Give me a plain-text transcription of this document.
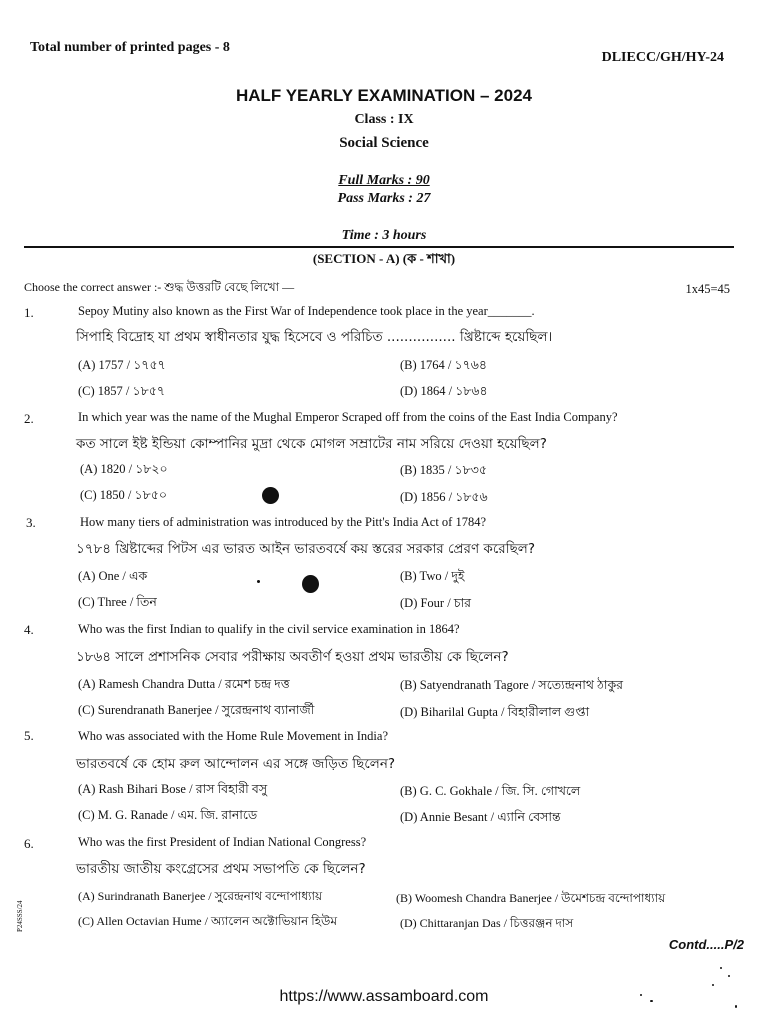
Total number of printed pages - 8
DLIECC/GH/HY-24
HALF YEARLY EXAMINATION – 2024
Class : IX
Social Science
Full Marks : 90
Pass Marks : 27
Time : 3 hours
(SECTION - A) (ক - শাখা)
Choose the correct answer :- শুদ্ধ উত্তরটি বেছে লিখো —	1x45=45
1.	Sepoy Mutiny also known as the First War of Independence took place in the year_______.
সিপাহি বিদ্রোহ যা প্রথম স্বাধীনতার যুদ্ধ হিসেবে ও পরিচিত ................ খ্রিষ্টাব্দে হয়েছিল।
(A) 1757 / ১৭৫৭	(B) 1764 / ১৭৬৪
(C) 1857 / ১৮৫৭	(D) 1864 / ১৮৬৪
2.	In which year was the name of the Mughal Emperor Scraped off from the coins of the East India Company?
কত সালে ইষ্ট ইন্ডিয়া কোম্পানির মুদ্রা থেকে মোগল সম্রাটের নাম সরিয়ে দেওয়া হয়েছিল?
(A) 1820 / ১৮২০	(B) 1835 / ১৮৩৫
(C) 1850 / ১৮৫০	(D) 1856 / ১৮৫৬
3.	How many tiers of administration was introduced by the Pitt's India Act of 1784?
১৭৮৪ খ্রিষ্টাব্দের পিটস এর ভারত আইন ভারতবর্ষে কয় স্তরের সরকার প্রেরণ করেছিল?
(A) One / এক	(B) Two / দুই
(C) Three / তিন	(D) Four / চার
4.	Who was the first Indian to qualify in the civil service examination in 1864?
১৮৬৪ সালে প্রশাসনিক সেবার পরীক্ষায় অবতীর্ণ হওয়া প্রথম ভারতীয় কে ছিলেন?
(A) Ramesh Chandra Dutta / রমেশ চন্দ্র দত্ত	(B) Satyendranath Tagore / সত্যেন্দ্রনাথ ঠাকুর
(C) Surendranath Banerjee / সুরেন্দ্রনাথ ব্যানার্জী	(D) Biharilal Gupta / বিহারীলাল গুপ্তা
5.	Who was associated with the Home Rule Movement in India?
ভারতবর্ষে কে হোম রুল আন্দোলন এর সঙ্গে জড়িত ছিলেন?
(A) Rash Bihari Bose / রাস বিহারী বসু	(B) G. C. Gokhale / জি. সি. গোখলে
(C) M. G. Ranade / এম. জি. রানাডে	(D) Annie Besant / এ্যানি বেসান্ত
6.	Who was the first President of Indian National Congress?
ভারতীয় জাতীয় কংগ্রেসের প্রথম সভাপতি কে ছিলেন?
(A) Surindranath Banerjee / সুরেন্দ্রনাথ বন্দোপাধ্যায়	(B) Woomesh Chandra Banerjee / উমেশচন্দ্র বন্দোপাধ্যায়
(C) Allen Octavian Hume / অ্যালেন অক্টোভিয়ান হিউম	(D) Chittaranjan Das / চিত্তরঞ্জন দাস
Contd.....P/2
https://www.assamboard.com
P24SSS/24
